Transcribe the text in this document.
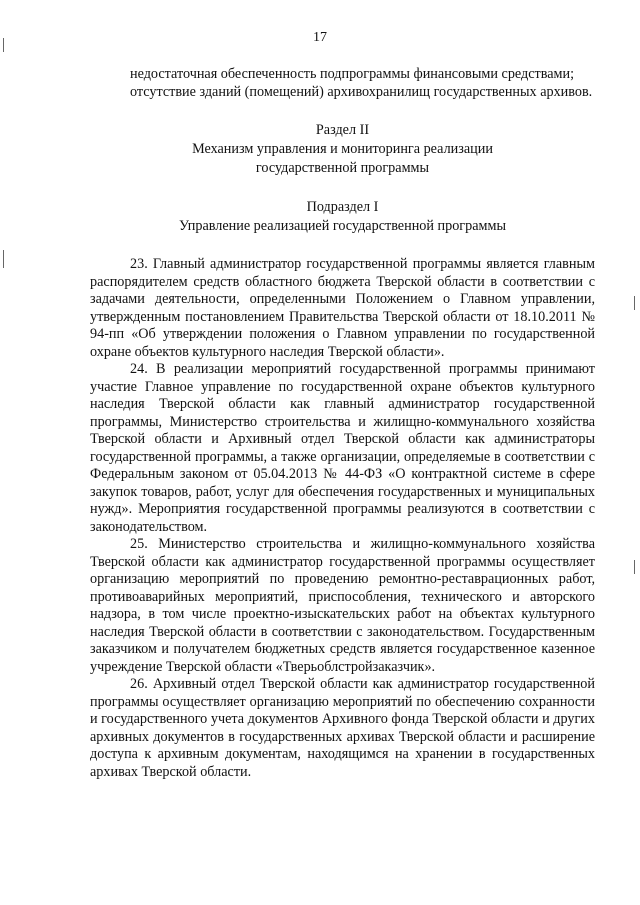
17

недостаточная обеспеченность подпрограммы финансовыми средствами;

отсутствие зданий (помещений) архивохранилищ государственных архивов.

Раздел II

Механизм управления и мониторинга реализации

государственной программы

Подраздел I

Управление реализацией государственной программы

23. Главный администратор государственной программы является главным распорядителем средств областного бюджета Тверской области в соответствии с задачами деятельности, определенными Положением о Главном управлении, утвержденным постановлением Правительства Тверской области от 18.10.2011 № 94-пп «Об утверждении положения о Главном управлении по государственной охране объектов культурного наследия Тверской области».

24. В реализации мероприятий государственной программы принимают участие Главное управление по государственной охране объектов культурного наследия Тверской области как главный администратор государственной программы, Министерство строительства и жилищно-коммунального хозяйства Тверской области и Архивный отдел Тверской области как администраторы государственной программы, а также организации, определяемые в соответствии с Федеральным законом от 05.04.2013 № 44-ФЗ «О контрактной системе в сфере закупок товаров, работ, услуг для обеспечения государственных и муниципальных нужд». Мероприятия государственной программы реализуются в соответствии с законодательством.

25. Министерство строительства и жилищно-коммунального хозяйства Тверской области как администратор государственной программы осуществляет организацию мероприятий по проведению ремонтно-реставрационных работ, противоаварийных мероприятий, приспособления, технического и авторского надзора, в том числе проектно-изыскательских работ на объектах культурного наследия Тверской области в соответствии с законодательством. Государственным заказчиком и получателем бюджетных средств является государственное казенное учреждение Тверской области «Тверьоблстройзаказчик».

26. Архивный отдел Тверской области как администратор государственной программы осуществляет организацию мероприятий по обеспечению сохранности и государственного учета документов Архивного фонда Тверской области и других архивных документов в государственных архивах Тверской области и расширение доступа к архивным документам, находящимся на хранении в государственных архивах Тверской области.
